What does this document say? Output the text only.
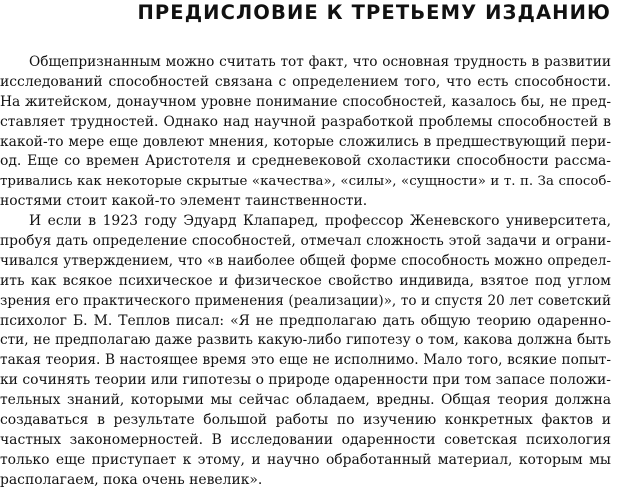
ПРЕДИСЛОВИЕ К ТРЕТЬЕМУ ИЗДАНИЮ
Общепризнанным можно считать тот факт, что основная трудность в развитии
исследований способностей связана с определением того, что есть способности.
На житейском, донаучном уровне понимание способностей, казалось бы, не пред-
ставляет трудностей. Однако над научной разработкой проблемы способностей в
какой-то мере еще довлеют мнения, которые сложились в предшествующий пери-
од. Еще со времен Аристотеля и средневековой схоластики способности рассма-
тривались как некоторые скрытые «качества», «силы», «сущности» и т. п. За способ-
ностями стоит какой-то элемент таинственности.
И если в 1923 году Эдуард Клапаред, профессор Женевского университета,
пробуя дать определение способностей, отмечал сложность этой задачи и ограни-
чивался утверждением, что «в наиболее общей форме способность можно определ-
ить как всякое психическое и физическое свойство индивида, взятое под углом
зрения его практического применения (реализации)», то и спустя 20 лет советский
психолог Б. М. Теплов писал: «Я не предполагаю дать общую теорию одаренно-
сти, не предполагаю даже развить какую-либо гипотезу о том, какова должна быть
такая теория. В настоящее время это еще не исполнимо. Мало того, всякие попыт-
ки сочинять теории или гипотезы о природе одаренности при том запасе положи-
тельных знаний, которыми мы сейчас обладаем, вредны. Общая теория должна
создаваться в результате большой работы по изучению конкретных фактов и
частных закономерностей. В исследовании одаренности советская психология
только еще приступает к этому, и научно обработанный материал, которым мы
располагаем, пока очень невелик».
